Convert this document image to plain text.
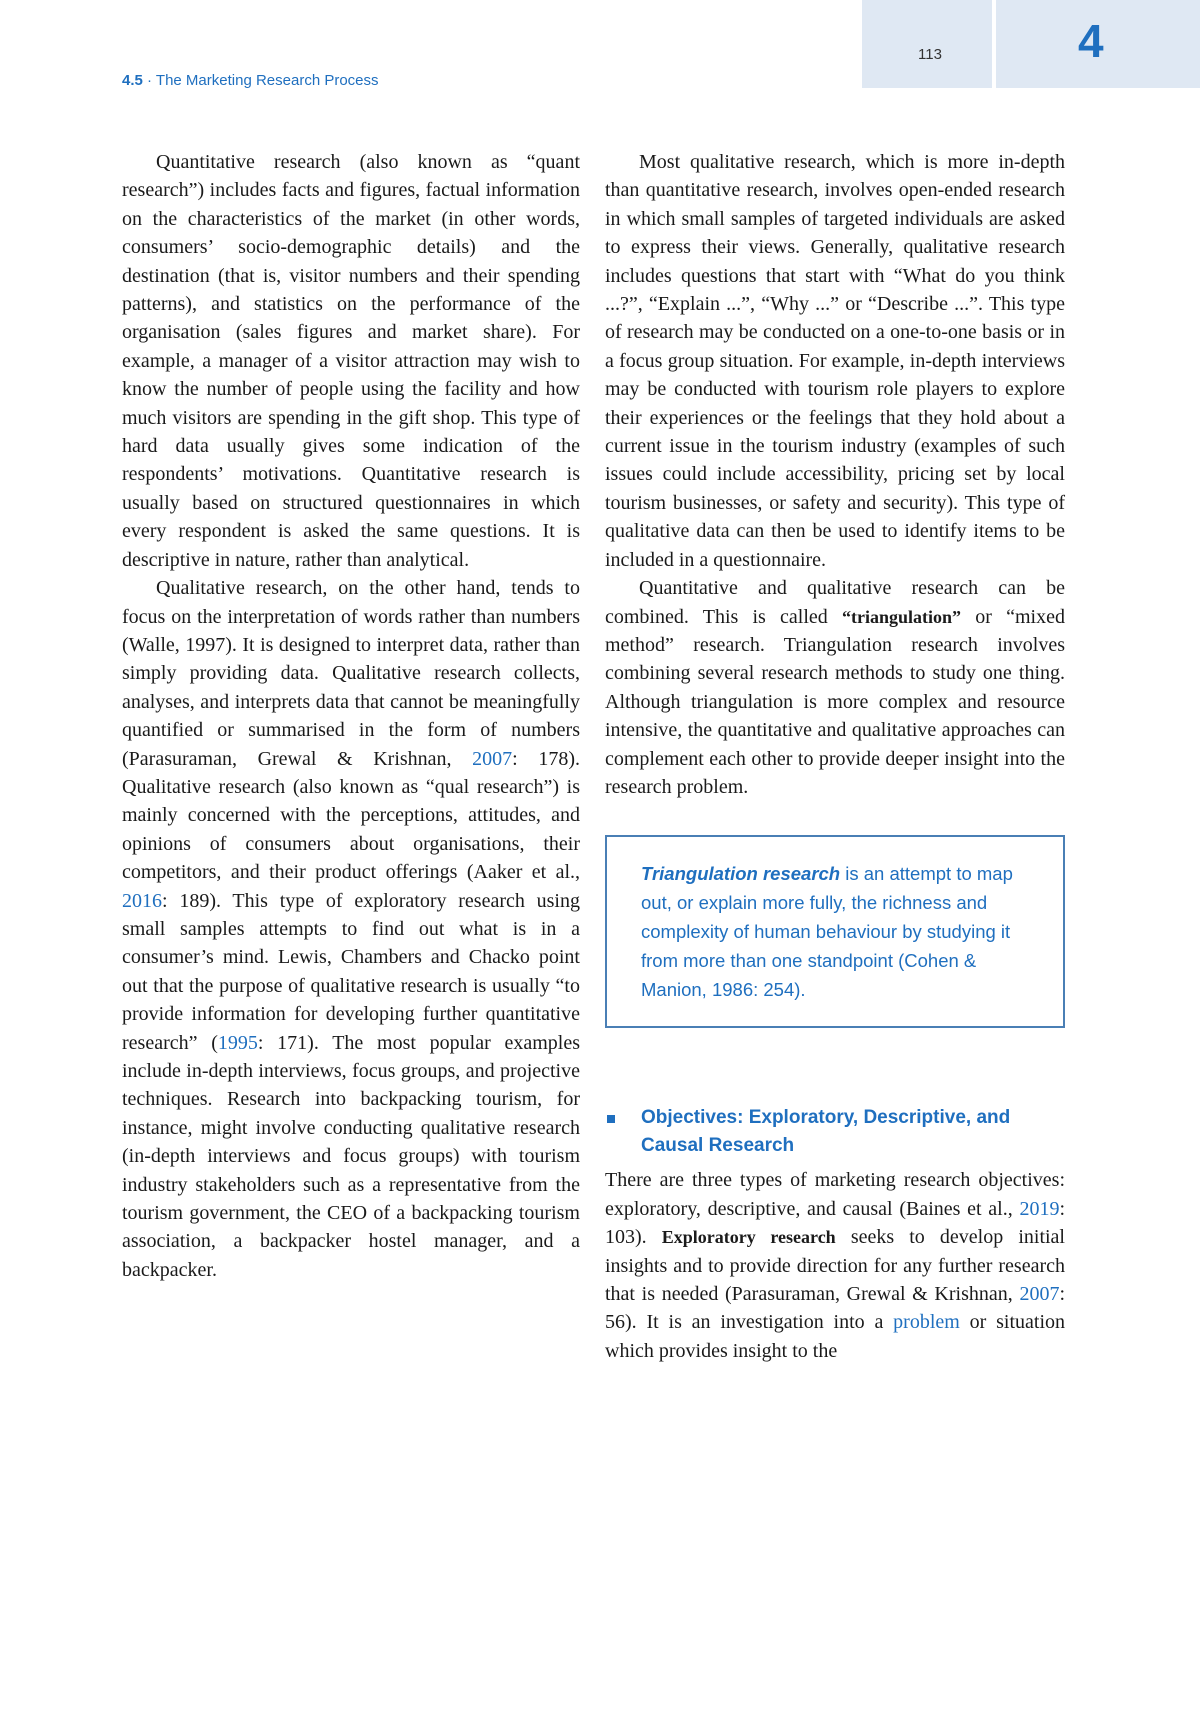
113	4
4.5 · The Marketing Research Process

Quantitative research (also known as “quant research”) includes facts and figures, factual information on the characteristics of the market (in other words, consumers’ socio-demographic details) and the destination (that is, visitor numbers and their spending patterns), and statistics on the performance of the organisation (sales figures and market share). For example, a manager of a visitor attraction may wish to know the number of people using the facility and how much visitors are spending in the gift shop. This type of hard data usually gives some indication of the respondents’ motivations. Quantitative research is usually based on structured questionnaires in which every respondent is asked the same questions. It is descriptive in nature, rather than analytical.

Qualitative research, on the other hand, tends to focus on the interpretation of words rather than numbers (Walle, 1997). It is designed to interpret data, rather than simply providing data. Qualitative research collects, analyses, and interprets data that cannot be meaningfully quantified or summarised in the form of numbers (Parasuraman, Grewal & Krishnan, 2007: 178). Qualitative research (also known as “qual research”) is mainly concerned with the perceptions, attitudes, and opinions of consumers about organisations, their competitors, and their product offerings (Aaker et al., 2016: 189). This type of exploratory research using small samples attempts to find out what is in a consumer’s mind. Lewis, Chambers and Chacko point out that the purpose of qualitative research is usually “to provide information for developing further quantitative research” (1995: 171). The most popular examples include in-depth interviews, focus groups, and projective techniques. Research into backpacking tourism, for instance, might involve conducting qualitative research (in-depth interviews and focus groups) with tourism industry stakeholders such as a representative from the tourism government, the CEO of a backpacking tourism association, a backpacker hostel manager, and a backpacker.

Most qualitative research, which is more in-depth than quantitative research, involves open-ended research in which small samples of targeted individuals are asked to express their views. Generally, qualitative research includes questions that start with “What do you think ...?”, “Explain ...”, “Why ...” or “Describe ...”. This type of research may be conducted on a one-to-one basis or in a focus group situation. For example, in-depth interviews may be conducted with tourism role players to explore their experiences or the feelings that they hold about a current issue in the tourism industry (examples of such issues could include accessibility, pricing set by local tourism businesses, or safety and security). This type of qualitative data can then be used to identify items to be included in a questionnaire.

Quantitative and qualitative research can be combined. This is called “triangulation” or “mixed method” research. Triangulation research involves combining several research methods to study one thing. Although triangulation is more complex and resource intensive, the quantitative and qualitative approaches can complement each other to provide deeper insight into the research problem.

Triangulation research is an attempt to map out, or explain more fully, the richness and complexity of human behaviour by studying it from more than one standpoint (Cohen & Manion, 1986: 254).
Objectives: Exploratory, Descriptive, and Causal Research

There are three types of marketing research objectives: exploratory, descriptive, and causal (Baines et al., 2019: 103). Exploratory research seeks to develop initial insights and to provide direction for any further research that is needed (Parasuraman, Grewal & Krishnan, 2007: 56). It is an investigation into a problem or situation which provides insight to the
